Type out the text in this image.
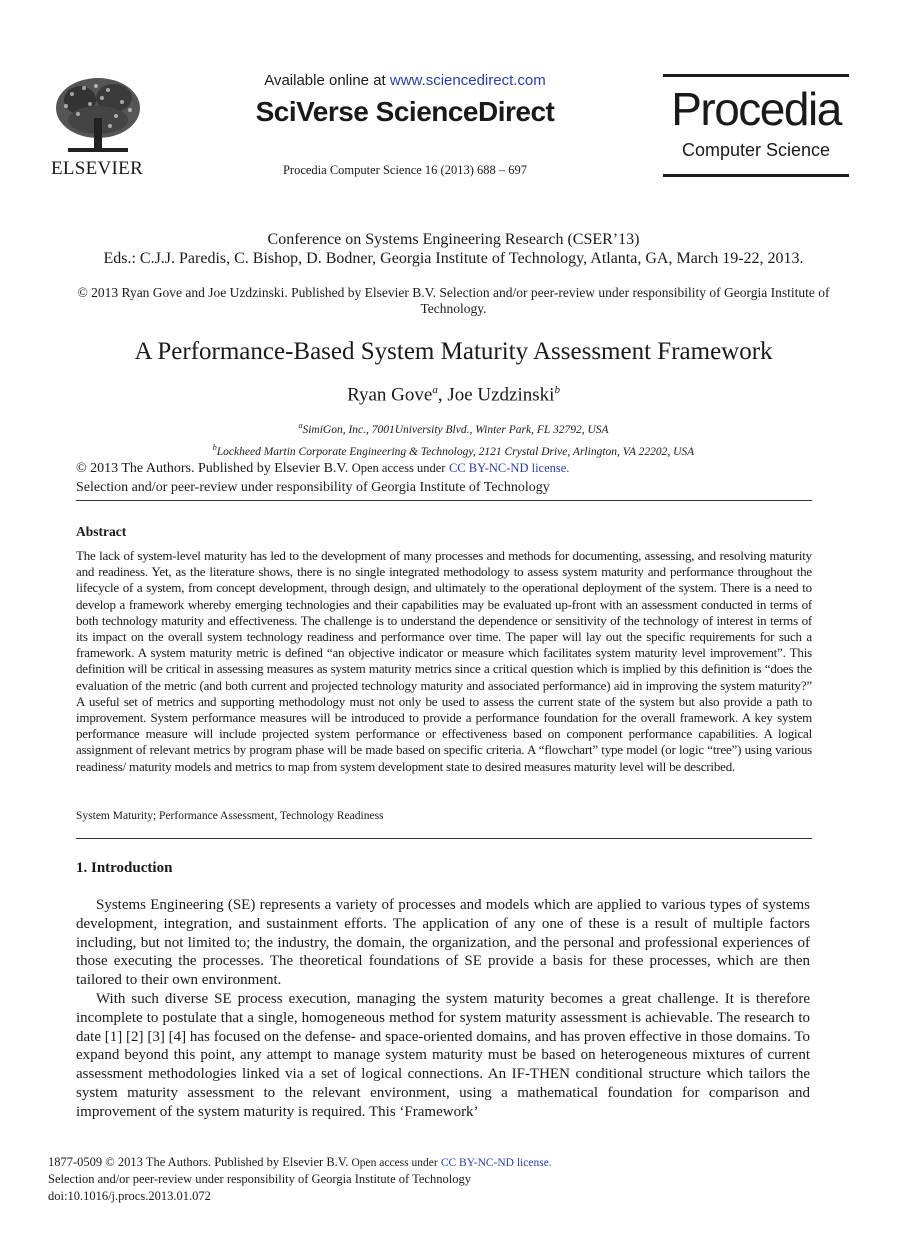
ELSEVIER
Available online at www.sciencedirect.com
SciVerse ScienceDirect
Procedia Computer Science 16 (2013) 688 – 697
Procedia
Computer Science
Conference on Systems Engineering Research (CSER’13)
Eds.: C.J.J. Paredis, C. Bishop, D. Bodner, Georgia Institute of Technology, Atlanta, GA, March 19-22, 2013.
© 2013 Ryan Gove and Joe Uzdzinski. Published by Elsevier B.V. Selection and/or peer-review under responsibility of Georgia Institute of Technology.
A Performance-Based System Maturity Assessment Framework
Ryan Gove$^a$, Joe Uzdzinski$^b$
$^a$SimiGon, Inc., 7001University Blvd., Winter Park, FL 32792, USA
$^b$Lockheed Martin Corporate Engineering & Technology, 2121 Crystal Drive, Arlington, VA 22202, USA
© 2013 The Authors. Published by Elsevier B.V. Open access under CC BY-NC-ND license.
Selection and/or peer-review under responsibility of Georgia Institute of Technology
Abstract
The lack of system-level maturity has led to the development of many processes and methods for documenting, assessing, and resolving maturity and readiness. Yet, as the literature shows, there is no single integrated methodology to assess system maturity and performance throughout the lifecycle of a system, from concept development, through design, and ultimately to the operational deployment of the system. There is a need to develop a framework whereby emerging technologies and their capabilities may be evaluated up-front with an assessment conducted in terms of both technology maturity and effectiveness. The challenge is to understand the dependence or sensitivity of the technology of interest in terms of its impact on the overall system technology readiness and performance over time. The paper will lay out the specific requirements for such a framework. A system maturity metric is defined “an objective indicator or measure which facilitates system maturity level improvement”. This definition will be critical in assessing measures as system maturity metrics since a critical question which is implied by this definition is “does the evaluation of the metric (and both current and projected technology maturity and associated performance) aid in improving the system maturity?” A useful set of metrics and supporting methodology must not only be used to assess the current state of the system but also provide a path to improvement. System performance measures will be introduced to provide a performance foundation for the overall framework. A key system performance measure will include projected system performance or effectiveness based on component performance capabilities. A logical assignment of relevant metrics by program phase will be made based on specific criteria. A “flowchart” type model (or logic “tree”) using various readiness/ maturity models and metrics to map from system development state to desired measures maturity level will be described.
System Maturity; Performance Assessment, Technology Readiness
1. Introduction

Systems Engineering (SE) represents a variety of processes and models which are applied to various types of systems development, integration, and sustainment efforts. The application of any one of these is a result of multiple factors including, but not limited to; the industry, the domain, the organization, and the personal and professional experiences of those executing the processes. The theoretical foundations of SE provide a basis for these processes, which are then tailored to their own environment.

With such diverse SE process execution, managing the system maturity becomes a great challenge. It is therefore incomplete to postulate that a single, homogeneous method for system maturity assessment is achievable. The research to date [1] [2] [3] [4] has focused on the defense- and space-oriented domains, and has proven effective in those domains. To expand beyond this point, any attempt to manage system maturity must be based on heterogeneous mixtures of current assessment methodologies linked via a set of logical connections. An IF-THEN conditional structure which tailors the system maturity assessment to the relevant environment, using a mathematical foundation for comparison and improvement of the system maturity is required. This ‘Framework’

1877-0509 © 2013 The Authors. Published by Elsevier B.V. Open access under CC BY-NC-ND license.
Selection and/or peer-review under responsibility of Georgia Institute of Technology
doi:10.1016/j.procs.2013.01.072
